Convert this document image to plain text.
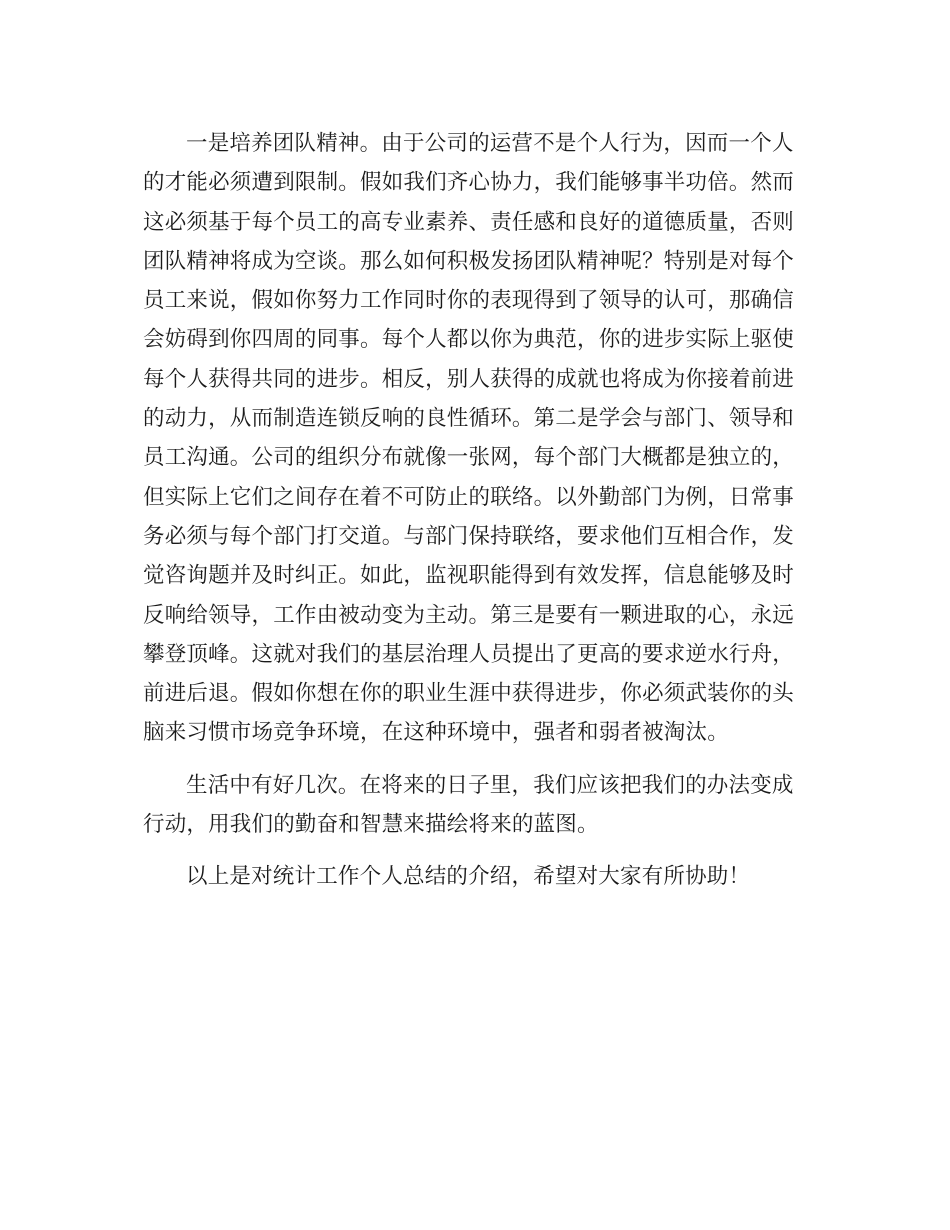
一是培养团队精神。由于公司的运营不是个人行为，因而一个人
的才能必须遭到限制。假如我们齐心协力，我们能够事半功倍。然而
这必须基于每个员工的高专业素养、责任感和良好的道德质量，否则
团队精神将成为空谈。那么如何积极发扬团队精神呢？特别是对每个
员工来说，假如你努力工作同时你的表现得到了领导的认可，那确信
会妨碍到你四周的同事。每个人都以你为典范，你的进步实际上驱使
每个人获得共同的进步。相反，别人获得的成就也将成为你接着前进
的动力，从而制造连锁反响的良性循环。第二是学会与部门、领导和
员工沟通。公司的组织分布就像一张网，每个部门大概都是独立的，
但实际上它们之间存在着不可防止的联络。以外勤部门为例，日常事
务必须与每个部门打交道。与部门保持联络，要求他们互相合作，发
觉咨询题并及时纠正。如此，监视职能得到有效发挥，信息能够及时
反响给领导，工作由被动变为主动。第三是要有一颗进取的心，永远
攀登顶峰。这就对我们的基层治理人员提出了更高的要求逆水行舟，
前进后退。假如你想在你的职业生涯中获得进步，你必须武装你的头
脑来习惯市场竞争环境，在这种环境中，强者和弱者被淘汰。

生活中有好几次。在将来的日子里，我们应该把我们的办法变成
行动，用我们的勤奋和智慧来描绘将来的蓝图。

以上是对统计工作个人总结的介绍，希望对大家有所协助！
